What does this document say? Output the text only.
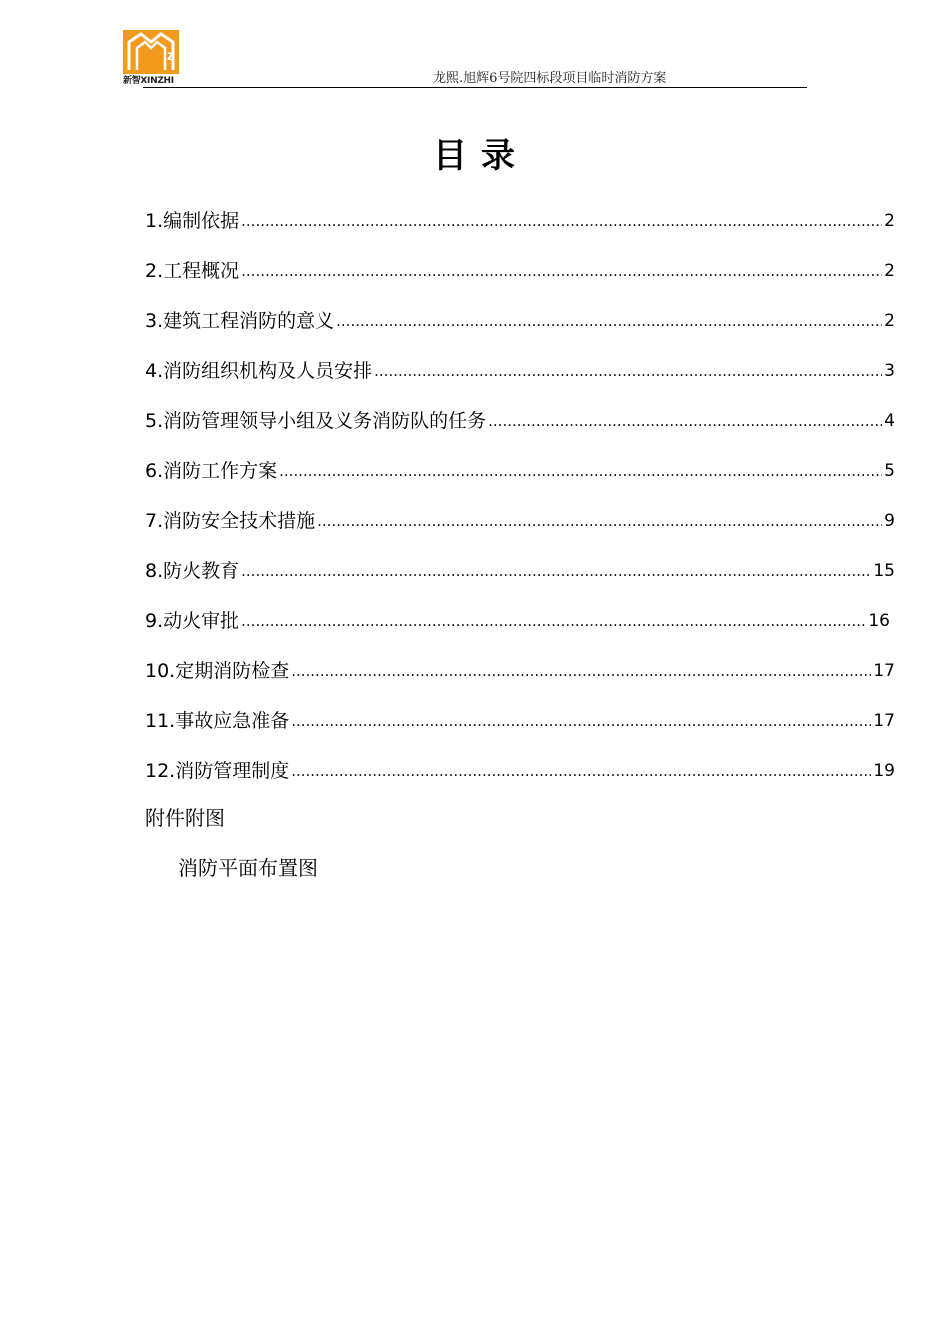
z
新智XINZHI	龙熙.旭辉6号院四标段项目临时消防方案
目录
1.编制依据 .....	2
2.工程概况 .....	2
3.建筑工程消防的意义 .....	2
4.消防组织机构及人员安排 .....	3
5.消防管理领导小组及义务消防队的任务 .....	4
6.消防工作方案 .....	5
7.消防安全技术措施 .....	9
8.防火教育 .....	15
9.动火审批 .....	16
10.定期消防检查 .....	17
11.事故应急准备 .....	17
12.消防管理制度 .....	19
附件附图
消防平面布置图
